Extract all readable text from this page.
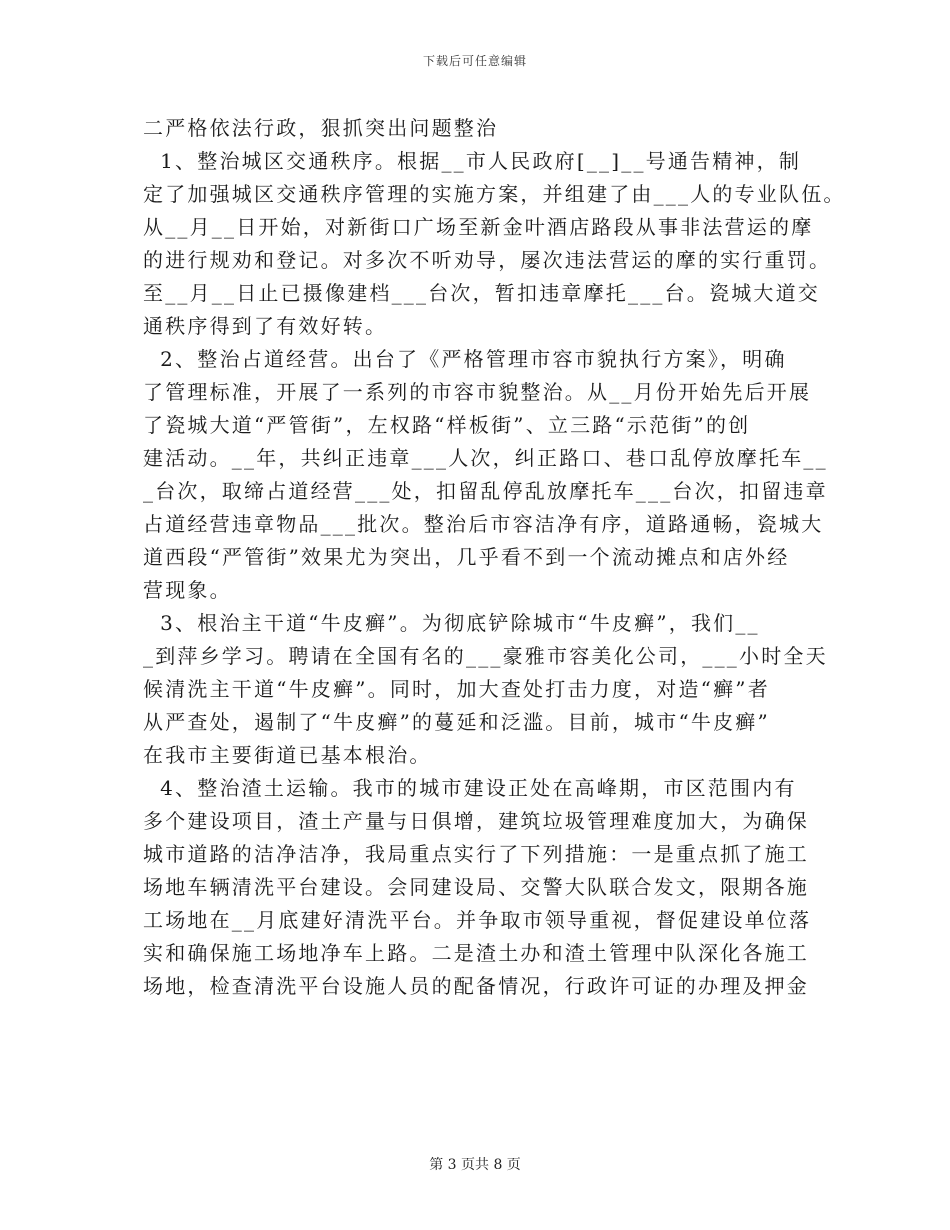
下载后可任意编辑
⼆严格依法行政，狠抓突出问题整治
1、整治城区交通秩序。根据__市人民政府[__]__号通告精神，制
定了加强城区交通秩序管理的实施方案，并组建了由___人的专业队伍。
从__月__日开始，对新街口广场至新金叶酒店路段从事非法营运的摩
的进行规劝和登记。对多次不听劝导，屡次违法营运的摩的实行重罚。
至__月__日止已摄像建档___台次，暂扣违章摩托___台。瓷城大道交
通秩序得到了有效好转。
2、整治占道经营。出台了《严格管理市容市貌执行方案》，明确
了管理标准，开展了一系列的市容市貌整治。从__月份开始先后开展
了瓷城大道“严管街”，左权路“样板街”、立三路“示范街”的创
建活动。__年，共纠正违章___人次，纠正路口、巷口乱停放摩托车__
_台次，取缔占道经营___处，扣留乱停乱放摩托车___台次，扣留违章
占道经营违章物品___批次。整治后市容洁净有序，道路通畅，瓷城大
道西段“严管街”效果尤为突出，几乎看不到一个流动摊点和店外经
营现象。
3、根治主干道“牛皮癣”。为彻底铲除城市“牛皮癣”，我们__
_到萍乡学习。聘请在全国有名的___豪雅市容美化公司，___小时全天
候清洗主干道“牛皮癣”。同时，加大查处打击力度，对造“癣”者
从严查处，遏制了“牛皮癣”的蔓延和泛滥。目前，城市“牛皮癣”
在我市主要街道已基本根治。
4、整治渣土运输。我市的城市建设正处在高峰期，市区范围内有
多个建设项目，渣土产量与日俱增，建筑垃圾管理难度加大，为确保
城市道路的洁净洁净，我局重点实行了下列措施：一是重点抓了施工
场地车辆清洗平台建设。会同建设局、交警大队联合发文，限期各施
工场地在__月底建好清洗平台。并争取市领导重视，督促建设单位落
实和确保施工场地净车上路。二是渣土办和渣土管理中队深化各施工
场地，检查清洗平台设施人员的配备情况，行政许可证的办理及押金
第 3 页共 8 页
